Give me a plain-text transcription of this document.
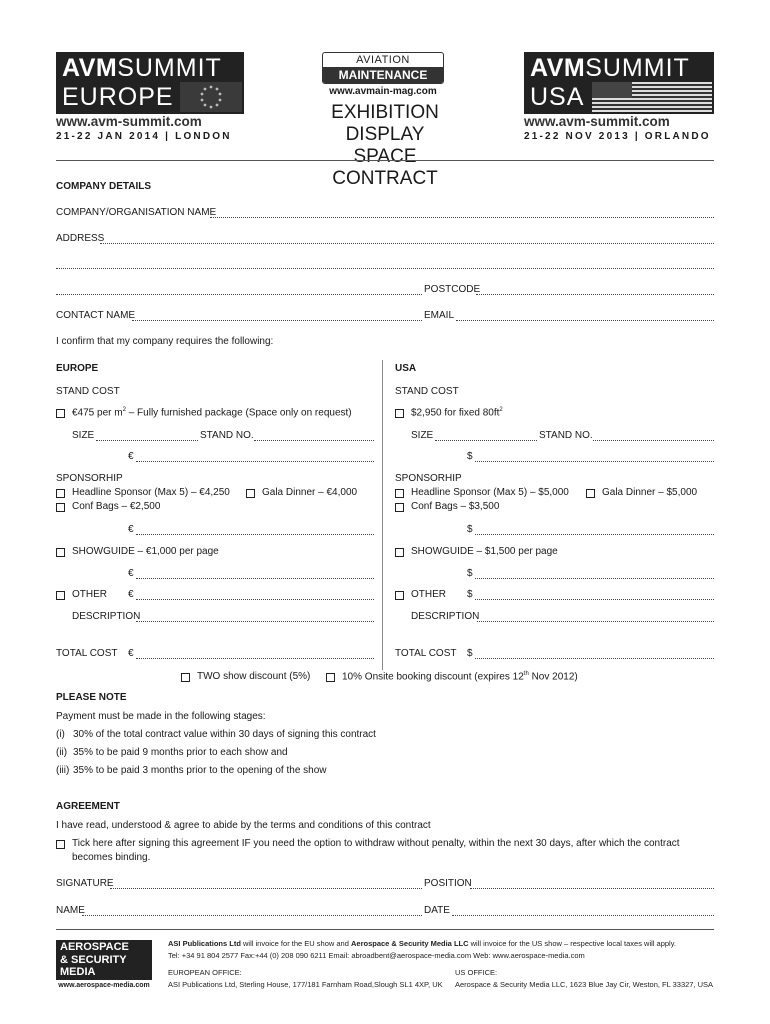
AVMSUMMIT
EUROPE
www.avm-summit.com
21-22 JAN 2014 | LONDON
AVIATION
MAINTENANCE
www.avmain-mag.com
EXHIBITION DISPLAY
SPACE CONTRACT
AVMSUMMIT
USA
www.avm-summit.com
21-22 NOV 2013 | ORLANDO
COMPANY DETAILS
COMPANY/ORGANISATION NAME
ADDRESS
POSTCODE
CONTACT NAME	EMAIL
I confirm that my company requires the following:
EUROPE
STAND COST
€475 per $m^2$ – Fully furnished package (Space only on request)
SIZE	STAND NO.
€
SPONSORHIP
Headline Sponsor (Max 5) – €4,250	Gala Dinner – €4,000
Conf Bags – €2,500
€
SHOWGUIDE – €1,000 per page
€
OTHER €
DESCRIPTION
TOTAL COST €
USA
STAND COST
$2,950 for fixed $80ft^2$
SIZE	STAND NO.
$
SPONSORHIP
Headline Sponsor (Max 5) – $5,000	Gala Dinner – $5,000
Conf Bags – $3,500
$
SHOWGUIDE – $1,500 per page
$
OTHER $
DESCRIPTION
TOTAL COST $
TWO show discount (5%)	10% Onsite booking discount (expires 12th Nov 2012)
PLEASE NOTE
Payment must be made in the following stages:
(i) 30% of the total contract value within 30 days of signing this contract
(ii) 35% to be paid 9 months prior to each show and
(iii) 35% to be paid 3 months prior to the opening of the show
AGREEMENT
I have read, understood & agree to abide by the terms and conditions of this contract
Tick here after signing this agreement IF you need the option to withdraw without penalty, within the next 30 days, after which the contract
becomes binding.
SIGNATURE	POSITION
NAME	DATE
AEROSPACE
& SECURITY
MEDIA
www.aerospace-media.com
ASI Publications Ltd will invoice for the EU show and Aerospace & Security Media LLC will invoice for the US show – respective local taxes will apply.
Tel: +34 91 804 2577 Fax:+44 (0) 208 090 6211 Email: abroadbent@aerospace-media.com Web: www.aerospace-media.com
EUROPEAN OFFICE:
ASI Publications Ltd, Sterling House, 177/181 Farnham Road,Slough SL1 4XP, UK
US OFFICE:
Aerospace & Security Media LLC, 1623 Blue Jay Cir, Weston, FL 33327, USA
